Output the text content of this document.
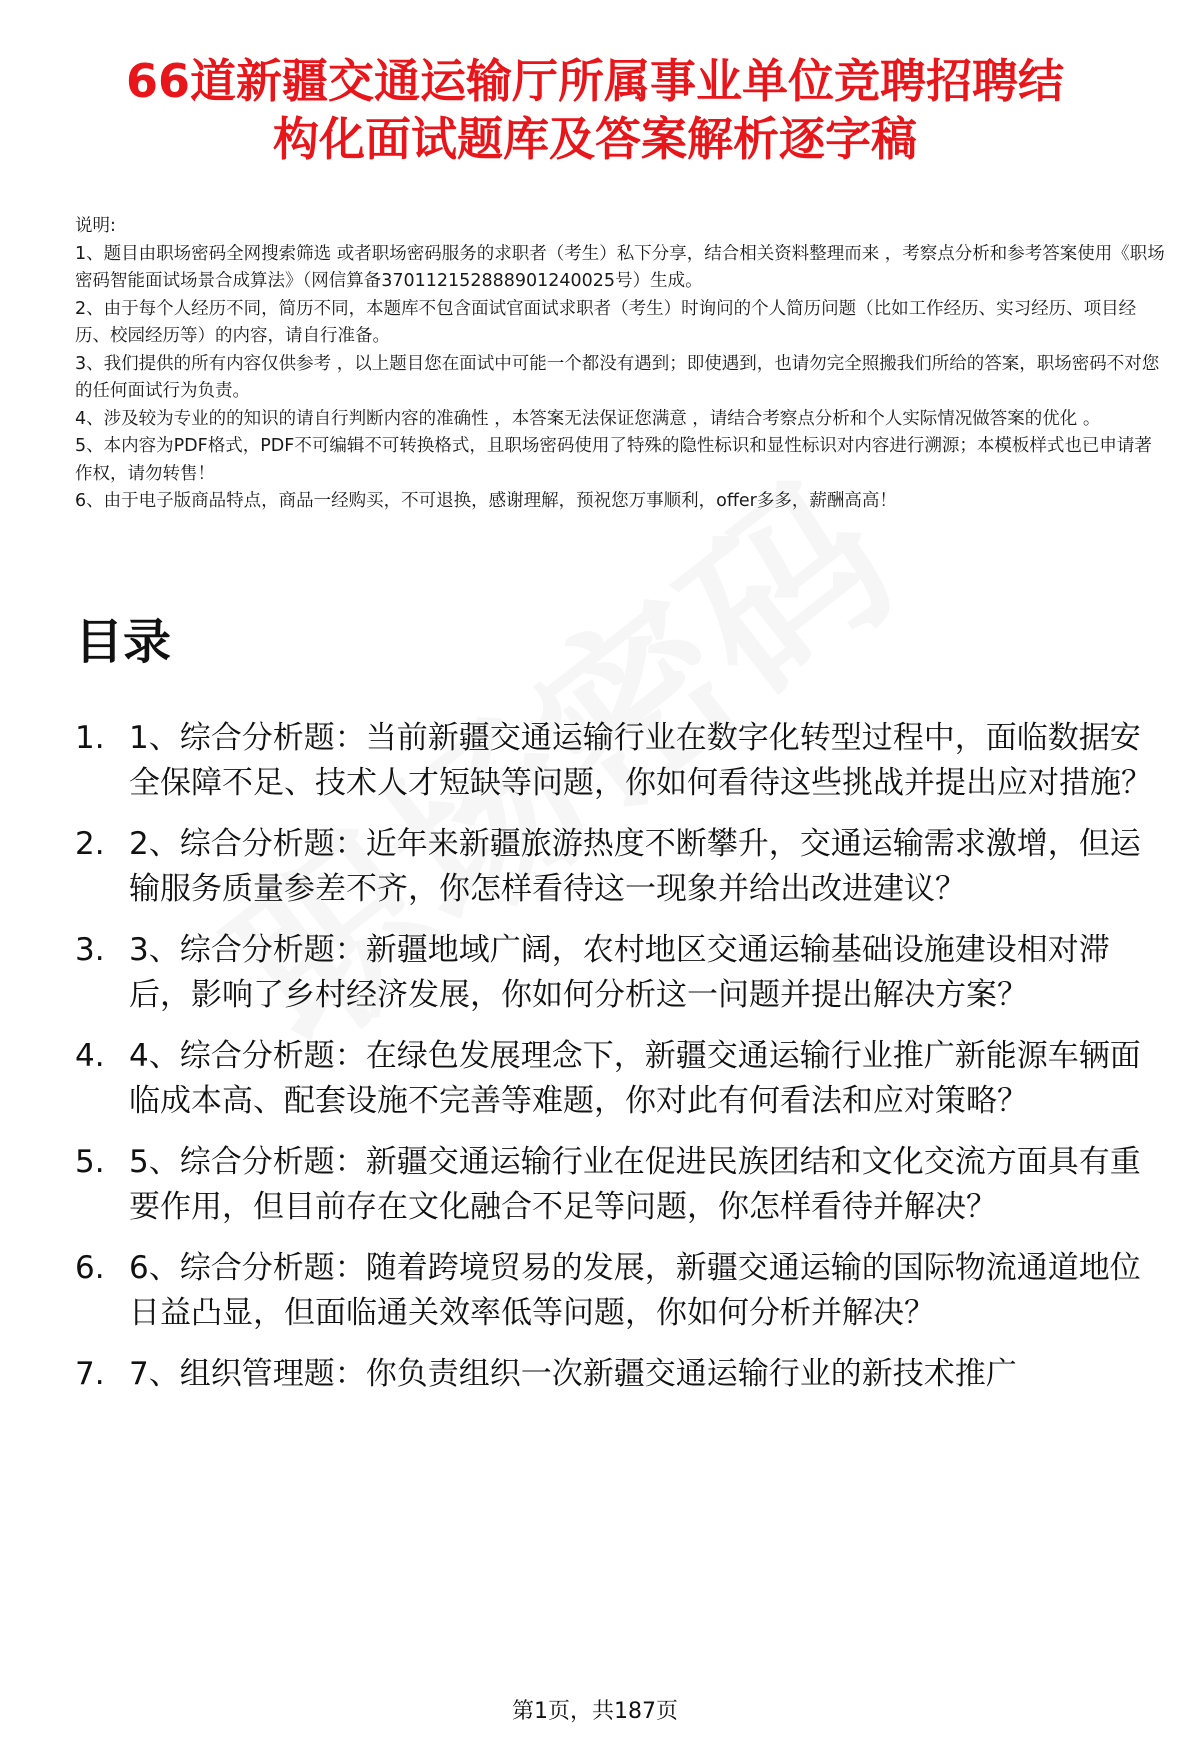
66道新疆交通运输厅所属事业单位竞聘招聘结
构化面试题库及答案解析逐字稿

说明:

1、题目由职场密码全网搜索筛选 或者职场密码服务的求职者（考生）私下分享，结合相关资料整理而来 ，考察点分析和参考答案使用《职场密码智能面试场景合成算法》（网信算备370112152888901240025号）生成。

2、由于每个人经历不同，简历不同，本题库不包含面试官面试求职者（考生）时询问的个人简历问题（比如工作经历、实习经历、项目经历、校园经历等）的内容，请自行准备。

3、我们提供的所有内容仅供参考 ，以上题目您在面试中可能一个都没有遇到；即使遇到，也请勿完全照搬我们所给的答案，职场密码不对您的任何面试行为负责。

4、涉及较为专业的的知识的请自行判断内容的准确性 ，本答案无法保证您满意 ，请结合考察点分析和个人实际情况做答案的优化 。

5、本内容为PDF格式，PDF不可编辑不可转换格式，且职场密码使用了特殊的隐性标识和显性标识对内容进行溯源；本模板样式也已申请著作权，请勿转售！

6、由于电子版商品特点，商品一经购买，不可退换，感谢理解，预祝您万事顺利，offer多多，薪酬高高！

目录
1. 1、综合分析题：当前新疆交通运输行业在数字化转型过程中，面临数据安全保障不足、技术人才短缺等问题，你如何看待这些挑战并提出应对措施？
2. 2、综合分析题：近年来新疆旅游热度不断攀升，交通运输需求激增，但运输服务质量参差不齐，你怎样看待这一现象并给出改进建议？
3. 3、综合分析题：新疆地域广阔，农村地区交通运输基础设施建设相对滞后，影响了乡村经济发展，你如何分析这一问题并提出解决方案？
4. 4、综合分析题：在绿色发展理念下，新疆交通运输行业推广新能源车辆面临成本高、配套设施不完善等难题，你对此有何看法和应对策略？
5. 5、综合分析题：新疆交通运输行业在促进民族团结和文化交流方面具有重要作用，但目前存在文化融合不足等问题，你怎样看待并解决？
6. 6、综合分析题：随着跨境贸易的发展，新疆交通运输的国际物流通道地位日益凸显，但面临通关效率低等问题，你如何分析并解决？
7. 7、组织管理题：你负责组织一次新疆交通运输行业的新技术推广
第1页，共187页
